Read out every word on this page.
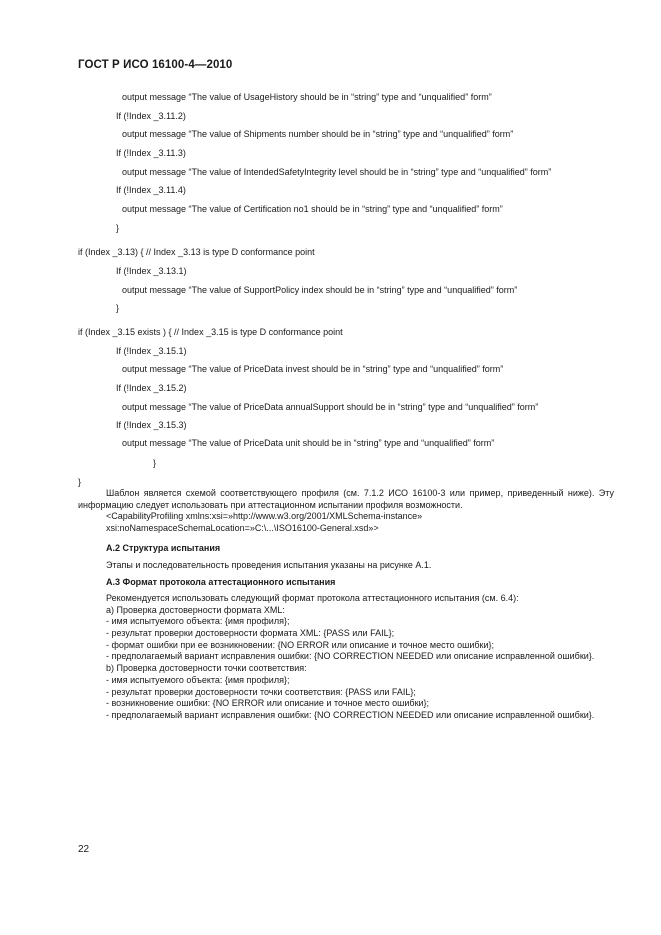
ГОСТ Р ИСО 16100-4—2010
output message “The value of UsageHistory should be in “string” type and “unqualified” form”
If (!Index _3.11.2)
output message “The value of Shipments number should be in “string” type and “unqualified” form”
If (!Index _3.11.3)
output message “The value of IntendedSafetyIntegrity level should be in “string” type and “unqualified” form”
If (!Index _3.11.4)
output message “The value of Certification no1 should be in “string” type and “unqualified” form”
}
if (Index _3.13) { // Index _3.13 is type D conformance point
If (!Index _3.13.1)
output message “The value of SupportPolicy index should be in “string” type and “unqualified” form”
}
if (Index _3.15 exists ) { // Index _3.15 is type D conformance point
If (!Index _3.15.1)
output message “The value of PriceData invest should be in “string” type and “unqualified” form”
If (!Index _3.15.2)
output message “The value of PriceData annualSupport should be in “string” type and “unqualified” form”
If (!Index _3.15.3)
output message “The value of PriceData unit should be in “string” type and “unqualified” form”
}
}

Шаблон является схемой соответствующего профиля (см. 7.1.2 ИСО 16100-3 или пример, приведенный ниже). Эту информацию следует использовать при аттестационном испытании профиля возможности.

<CapabilityProfiling xmlns:xsi=»http://www.w3.org/2001/XMLSchema-instance»

xsi:noNamespaceSchemaLocation=»C:\...\ISO16100-General.xsd»>

А.2 Структура испытания

Этапы и последовательность проведения испытания указаны на рисунке А.1.

А.3 Формат протокола аттестационного испытания

Рекомендуется использовать следующий формат протокола аттестационного испытания (см. 6.4):

а) Проверка достоверности формата XML:

- имя испытуемого объекта: {имя профиля};

- результат проверки достоверности формата XML: {PASS или FAIL};

- формат ошибки при ее возникновении: {NO ERROR или описание и точное место ошибки};

- предполагаемый вариант исправления ошибки: {NO CORRECTION NEEDED или описание исправленной ошибки}.

b) Проверка достоверности точки соответствия:

- имя испытуемого объекта: {имя профиля};

- результат проверки достоверности точки соответствия: {PASS или FAIL};

- возникновение ошибки: {NO ERROR или описание и точное место ошибки};

- предполагаемый вариант исправления ошибки: {NO CORRECTION NEEDED или описание исправленной ошибки}.

22
